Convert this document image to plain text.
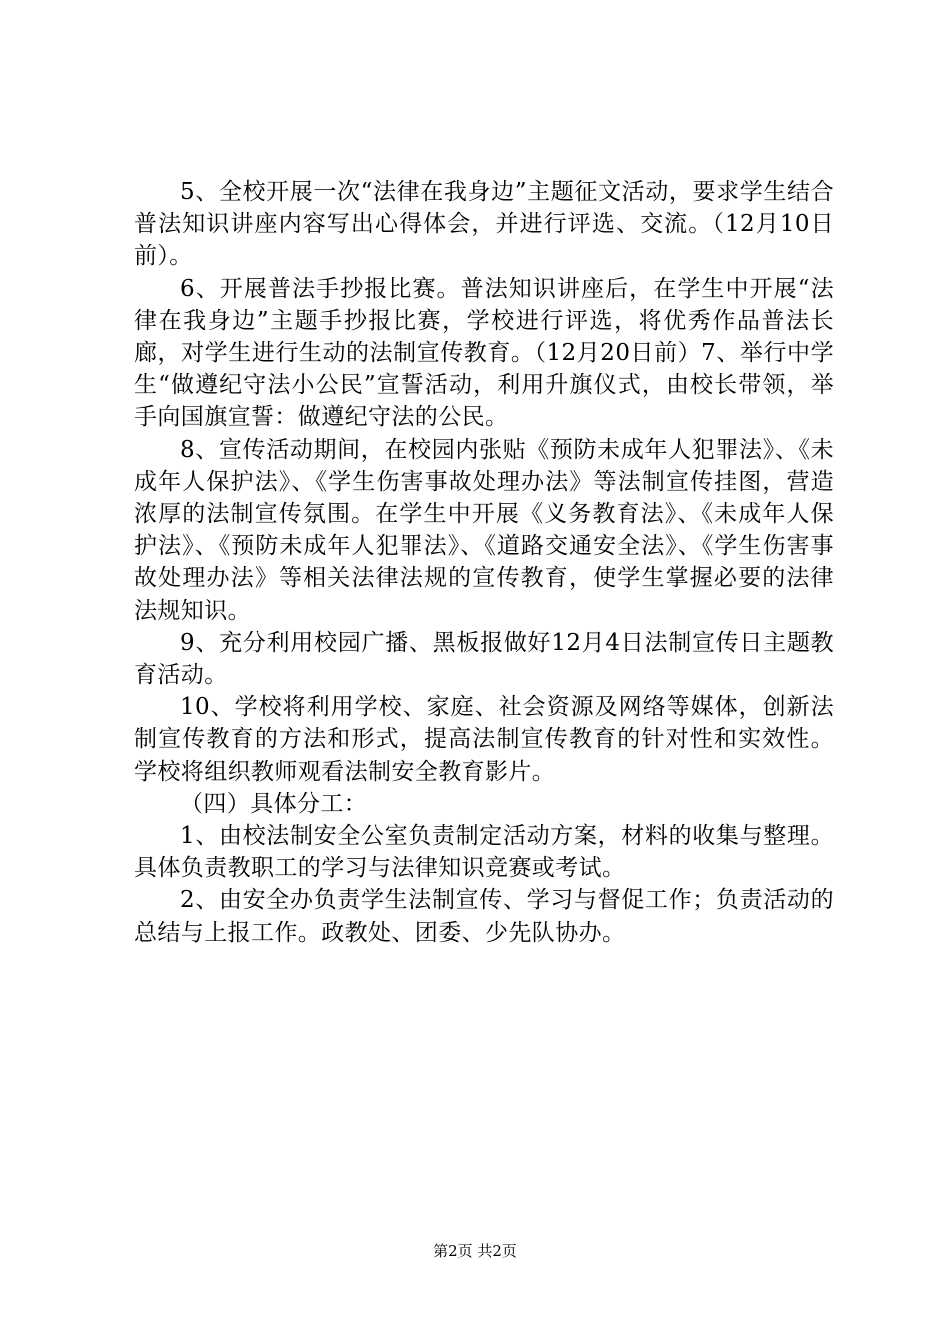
5、全校开展一次“法律在我身边”主题征文活动，要求学生结合普法知识讲座内容写出心得体会，并进行评选、交流。（12月10日前）。

6、开展普法手抄报比赛。普法知识讲座后，在学生中开展“法律在我身边”主题手抄报比赛，学校进行评选，将优秀作品普法长廊，对学生进行生动的法制宣传教育。（12月20日前）7、举行中学生“做遵纪守法小公民”宣誓活动，利用升旗仪式，由校长带领，举手向国旗宣誓：做遵纪守法的公民。

8、宣传活动期间，在校园内张贴《预防未成年人犯罪法》、《未成年人保护法》、《学生伤害事故处理办法》等法制宣传挂图，营造浓厚的法制宣传氛围。在学生中开展《义务教育法》、《未成年人保护法》、《预防未成年人犯罪法》、《道路交通安全法》、《学生伤害事故处理办法》等相关法律法规的宣传教育，使学生掌握必要的法律法规知识。

9、充分利用校园广播、黑板报做好12月4日法制宣传日主题教育活动。

10、学校将利用学校、家庭、社会资源及网络等媒体，创新法制宣传教育的方法和形式，提高法制宣传教育的针对性和实效性。学校将组织教师观看法制安全教育影片。

（四）具体分工：

1、由校法制安全公室负责制定活动方案，材料的收集与整理。具体负责教职工的学习与法律知识竞赛或考试。

2、由安全办负责学生法制宣传、学习与督促工作；负责活动的总结与上报工作。政教处、团委、少先队协办。

第2页 共2页
